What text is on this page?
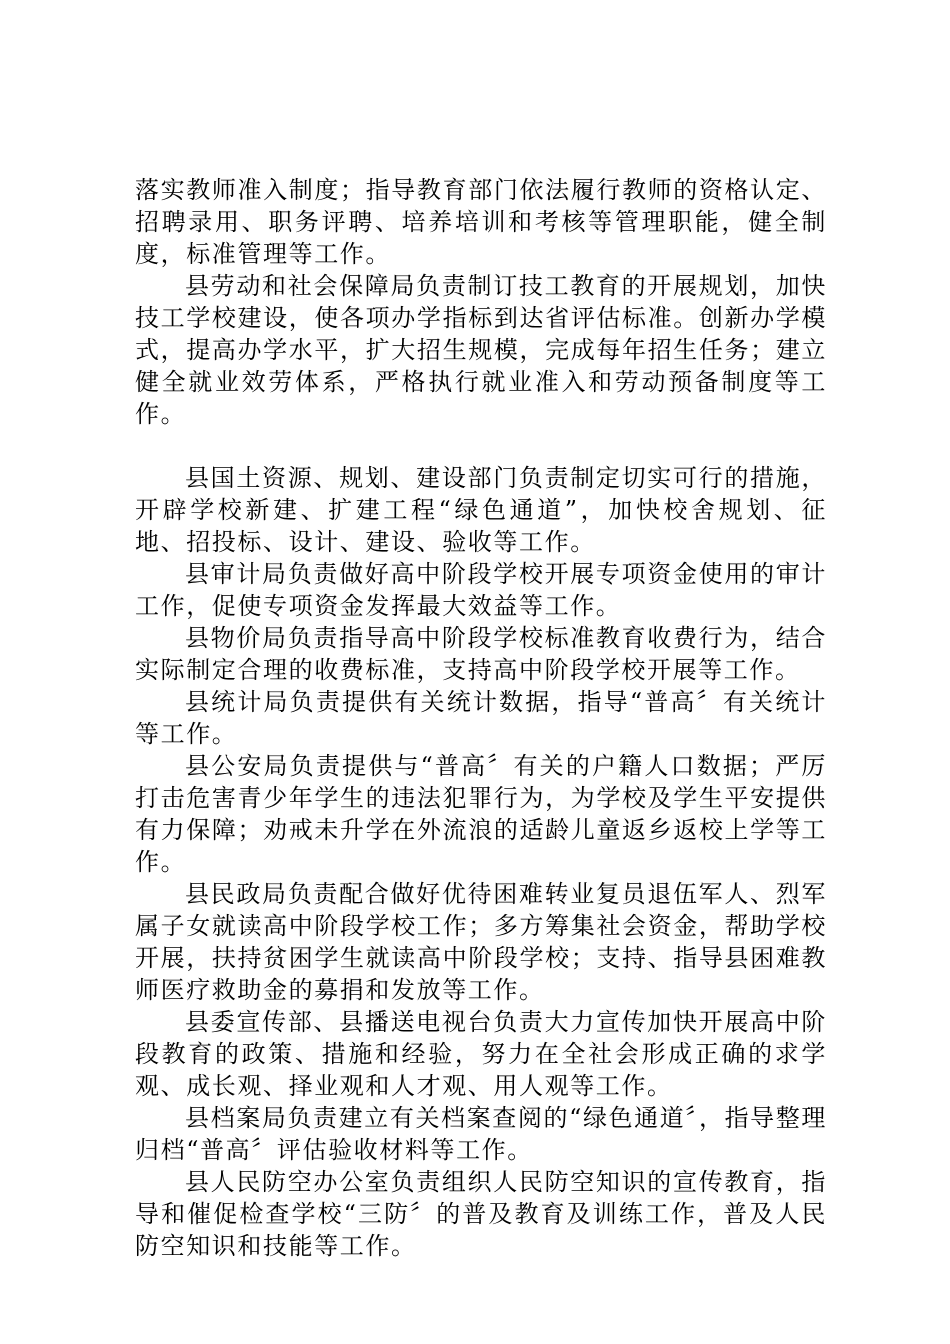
落实教师准入制度；指导教育部门依法履行教师的资格认定、招聘录用、职务评聘、培养培训和考核等管理职能，健全制度，标准管理等工作。

县劳动和社会保障局负责制订技工教育的开展规划，加快技工学校建设，使各项办学指标到达省评估标准。创新办学模式，提高办学水平，扩大招生规模，完成每年招生任务；建立健全就业效劳体系，严格执行就业准入和劳动预备制度等工作。

县国土资源、规划、建设部门负责制定切实可行的措施，开辟学校新建、扩建工程“绿色通道”，加快校舍规划、征地、招投标、设计、建设、验收等工作。

县审计局负责做好高中阶段学校开展专项资金使用的审计工作，促使专项资金发挥最大效益等工作。

县物价局负责指导高中阶段学校标准教育收费行为，结合实际制定合理的收费标准，支持高中阶段学校开展等工作。

县统计局负责提供有关统计数据，指导“普高〞有关统计等工作。

县公安局负责提供与“普高〞有关的户籍人口数据；严厉打击危害青少年学生的违法犯罪行为，为学校及学生平安提供有力保障；劝戒未升学在外流浪的适龄儿童返乡返校上学等工作。

县民政局负责配合做好优待困难转业复员退伍军人、烈军属子女就读高中阶段学校工作；多方筹集社会资金，帮助学校开展，扶持贫困学生就读高中阶段学校；支持、指导县困难教师医疗救助金的募捐和发放等工作。

县委宣传部、县播送电视台负责大力宣传加快开展高中阶段教育的政策、措施和经验，努力在全社会形成正确的求学观、成长观、择业观和人才观、用人观等工作。

县档案局负责建立有关档案查阅的“绿色通道〞，指导整理归档“普高〞评估验收材料等工作。

县人民防空办公室负责组织人民防空知识的宣传教育，指导和催促检查学校“三防〞的普及教育及训练工作，普及人民防空知识和技能等工作。
